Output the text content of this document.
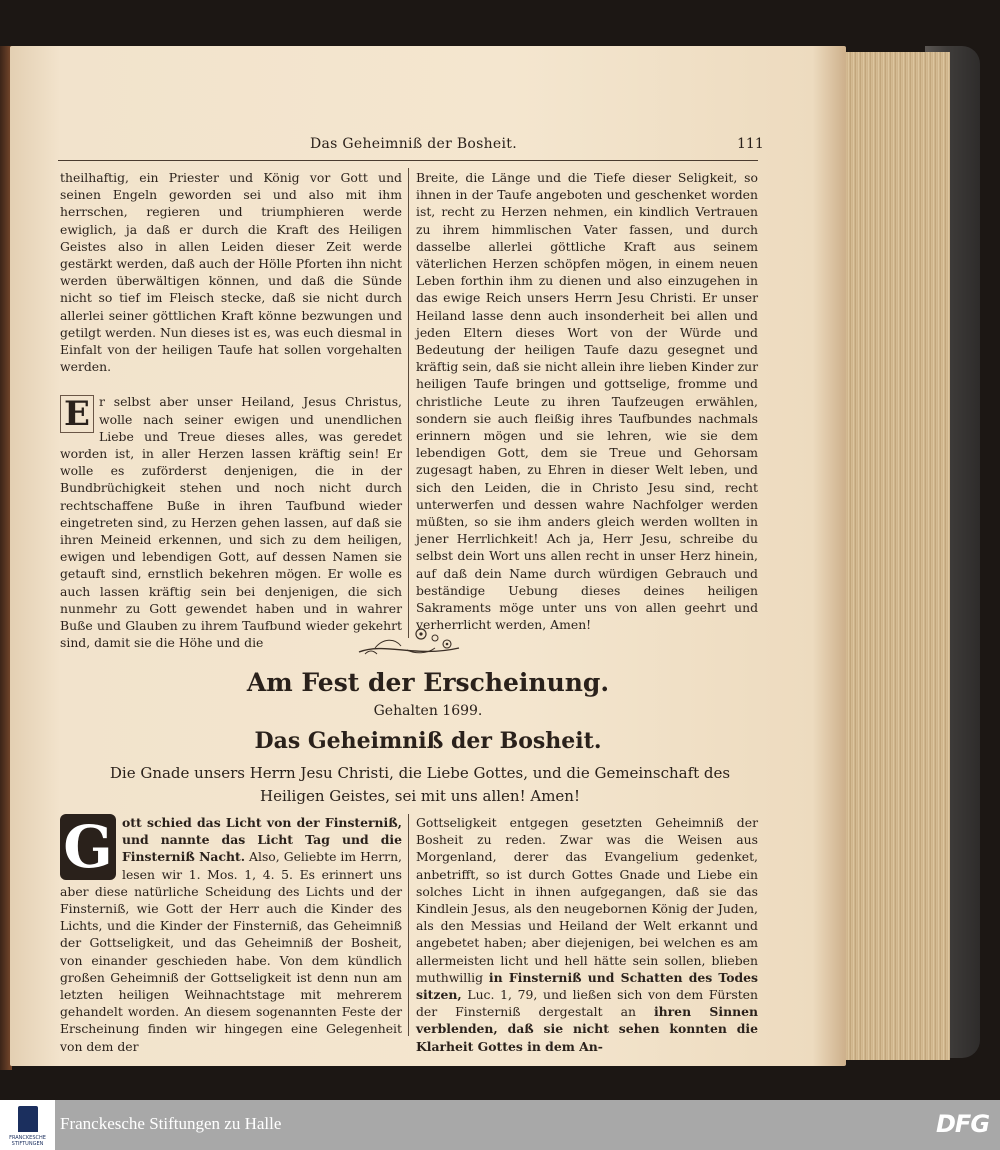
Das Geheimniß der Bosheit.	111

theilhaftig, ein Priester und König vor Gott und seinen Engeln geworden sei und also mit ihm herrschen, regieren und triumphieren werde ewiglich, ja daß er durch die Kraft des Heiligen Geistes also in allen Leiden dieser Zeit werde gestärkt werden, daß auch der Hölle Pforten ihn nicht werden überwältigen können, und daß die Sünde nicht so tief im Fleisch stecke, daß sie nicht durch allerlei seiner göttlichen Kraft könne bezwungen und getilgt werden. Nun dieses ist es, was euch diesmal in Einfalt von der heiligen Taufe hat sollen vorgehalten werden.

E r selbst aber unser Heiland, Jesus Christus, wolle nach seiner ewigen und unendlichen Liebe und Treue dieses alles, was geredet worden ist, in aller Herzen lassen kräftig sein! Er wolle es zuförderst denjenigen, die in der Bundbrüchigkeit stehen und noch nicht durch rechtschaffene Buße in ihren Taufbund wieder eingetreten sind, zu Herzen gehen lassen, auf daß sie ihren Meineid erkennen, und sich zu dem heiligen, ewigen und lebendigen Gott, auf dessen Namen sie getauft sind, ernstlich bekehren mögen. Er wolle es auch lassen kräftig sein bei denjenigen, die sich nunmehr zu Gott gewendet haben und in wahrer Buße und Glauben zu ihrem Taufbund wieder gekehrt sind, damit sie die Höhe und die

Breite, die Länge und die Tiefe dieser Seligkeit, so ihnen in der Taufe angeboten und geschenket worden ist, recht zu Herzen nehmen, ein kindlich Vertrauen zu ihrem himmlischen Vater fassen, und durch dasselbe allerlei göttliche Kraft aus seinem väterlichen Herzen schöpfen mögen, in einem neuen Leben forthin ihm zu dienen und also einzugehen in das ewige Reich unsers Herrn Jesu Christi. Er unser Heiland lasse denn auch insonderheit bei allen und jeden Eltern dieses Wort von der Würde und Bedeutung der heiligen Taufe dazu gesegnet und kräftig sein, daß sie nicht allein ihre lieben Kinder zur heiligen Taufe bringen und gottselige, fromme und christliche Leute zu ihren Taufzeugen erwählen, sondern sie auch fleißig ihres Taufbundes nachmals erinnern mögen und sie lehren, wie sie dem lebendigen Gott, dem sie Treue und Gehorsam zugesagt haben, zu Ehren in dieser Welt leben, und sich den Leiden, die in Christo Jesu sind, recht unterwerfen und dessen wahre Nachfolger werden müßten, so sie ihm anders gleich werden wollten in jener Herrlichkeit! Ach ja, Herr Jesu, schreibe du selbst dein Wort uns allen recht in unser Herz hinein, auf daß dein Name durch würdigen Gebrauch und beständige Uebung dieses deines heiligen Sakraments möge unter uns von allen geehrt und verherrlicht werden, Amen!

Am Fest der Erscheinung.
Gehalten 1699.
Das Geheimniß der Bosheit.
Die Gnade unsers Herrn Jesu Christi, die Liebe Gottes, und die Gemeinschaft des
Heiligen Geistes, sei mit uns allen! Amen!

G ott schied das Licht von der Finsterniß, und nannte das Licht Tag und die Finsterniß Nacht. Also, Geliebte im Herrn, lesen wir 1. Mos. 1, 4. 5. Es erinnert uns aber diese natürliche Scheidung des Lichts und der Finsterniß, wie Gott der Herr auch die Kinder des Lichts, und die Kinder der Finsterniß, das Geheimniß der Gottseligkeit, und das Geheimniß der Bosheit, von einander geschieden habe. Von dem kündlich großen Geheimniß der Gottseligkeit ist denn nun am letzten heiligen Weihnachtstage mit mehrerem gehandelt worden. An diesem sogenannten Feste der Erscheinung finden wir hingegen eine Gelegenheit von dem der

Gottseligkeit entgegen gesetzten Geheimniß der Bosheit zu reden. Zwar was die Weisen aus Morgenland, derer das Evangelium gedenket, anbetrifft, so ist durch Gottes Gnade und Liebe ein solches Licht in ihnen aufgegangen, daß sie das Kindlein Jesus, als den neugebornen König der Juden, als den Messias und Heiland der Welt erkannt und angebetet haben; aber diejenigen, bei welchen es am allermeisten licht und hell hätte sein sollen, blieben muthwillig in Finsterniß und Schatten des Todes sitzen, Luc. 1, 79, und ließen sich von dem Fürsten der Finsterniß dergestalt an ihren Sinnen verblenden, daß sie nicht sehen konnten die Klarheit Gottes in dem An-

FRANCKESCHE STIFTUNGEN
Franckesche Stiftungen zu Halle	DFG
